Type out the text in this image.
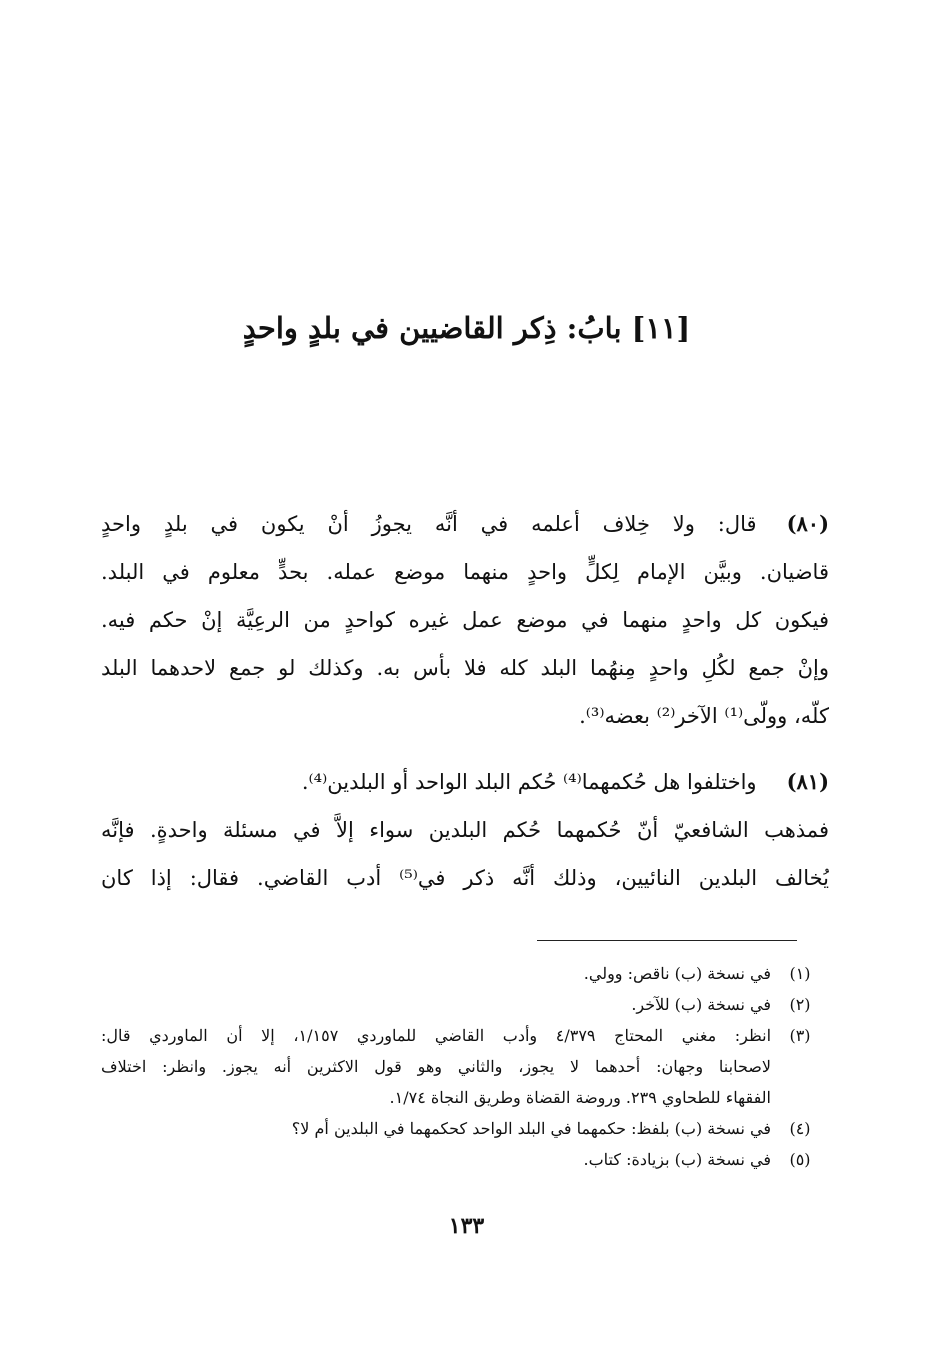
[١١] بابُ: ذِكر القاضيين في بلدٍ واحدٍ

(٨٠)قال: ولا خِلاف أعلمه في أنَّه يجوزُ أنْ يكون في بلدٍ واحدٍ
قاضيان. وبيَّن الإمام لِكلٍّ واحدٍ منهما موضع عمله. بحدٍّ معلوم في البلد.
فيكون كل واحدٍ منهما في موضع عمل غيره كواحدٍ من الرعِيَّة إنْ حكم فيه.
وإنْ جمع لكُلِ واحدٍ مِنهُما البلد كله فلا بأس به. وكذلك لو جمع لاحدهما البلد
كلّه، وولّى⁽¹⁾ الآخر⁽²⁾ بعضه⁽³⁾.

(٨١)واختلفوا هل حُكمهما⁽⁴⁾ حُكم البلد الواحد أو البلدين⁽⁴⁾.
فمذهب الشافعيّ أنّ حُكمهما حُكم البلدين سواء إلاَّ في مسئلة واحدةٍ. فإنَّه
يُخالف البلدين النائيين، وذلك أنَّه ذكر في⁽⁵⁾ أدب القاضي. فقال: إذا كان

(١)
في نسخة (ب) ناقص: وولي.
(٢)
في نسخة (ب) للآخر.
(٣)
انظر: مغني المحتاج ٤/٣٧٩ وأدب القاضي للماوردي ١/١٥٧، إلا أن الماوردي قال:
لاصحابنا وجهان: أحدهما لا يجوز، والثاني وهو قول الاكثرين أنه يجوز. وانظر: اختلاف
الفقهاء للطحاوي ٢٣٩. وروضة القضاة وطريق النجاة ١/٧٤.
(٤)
في نسخة (ب) بلفظ: حكمهما في البلد الواحد كحكمهما في البلدين أم لا؟
(٥)
في نسخة (ب) بزيادة: كتاب.
١٣٣
